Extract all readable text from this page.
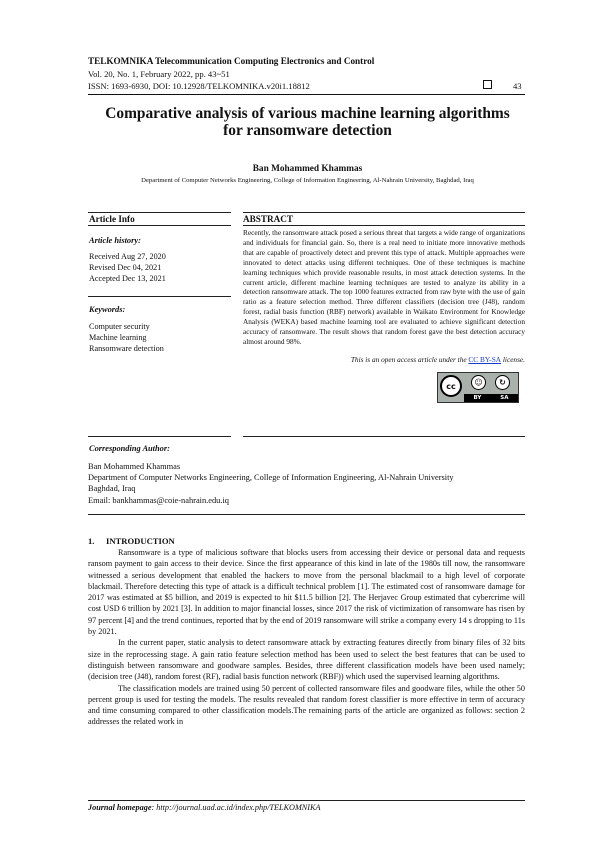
TELKOMNIKA Telecommunication Computing Electronics and Control
Vol. 20, No. 1, February 2022, pp. 43~51
ISSN: 1693-6930, DOI: 10.12928/TELKOMNIKA.v20i1.18812	43
Comparative analysis of various machine learning algorithms
for ransomware detection
Ban Mohammed Khammas
Department of Computer Networks Engineering, College of Information Engineering, Al-Nahrain University, Baghdad, Iraq
Article Info	ABSTRACT
Article history:
Received Aug 27, 2020
Revised Dec 04, 2021
Accepted Dec 13, 2021
Keywords:
Computer security
Machine learning
Ransomware detection
Recently, the ransomware attack posed a serious threat that targets a wide range of organizations and individuals for financial gain. So, there is a real need to initiate more innovative methods that are capable of proactively detect and prevent this type of attack. Multiple approaches were innovated to detect attacks using different techniques. One of these techniques is machine learning techniques which provide reasonable results, in most attack detection systems. In the current article, different machine learning techniques are tested to analyze its ability in a detection ransomware attack. The top 1000 features extracted from raw byte with the use of gain ratio as a feature selection method. Three different classifiers (decision tree (J48), random forest, radial basis function (RBF) network) available in Waikato Environment for Knowledge Analysis (WEKA) based machine learning tool are evaluated to achieve significant detection accuracy of ransomware. The result shows that random forest gave the best detection accuracy almost around 98%.
This is an open access article under the CC BY-SA license.
cc	☺	↻
BY	SA
Corresponding Author:
Ban Mohammed Khammas
Department of Computer Networks Engineering, College of Information Engineering, Al-Nahrain University
Baghdad, Iraq
Email: bankhammas@coie-nahrain.edu.iq
1. INTRODUCTION

Ransomware is a type of malicious software that blocks users from accessing their device or personal data and requests ransom payment to gain access to their device. Since the first appearance of this kind in late of the 1980s till now, the ransomware witnessed a serious development that enabled the hackers to move from the personal blackmail to a high level of corporate blackmail. Therefore detecting this type of attack is a difficult technical problem [1]. The estimated cost of ransomware damage for 2017 was estimated at $5 billion, and 2019 is expected to hit $11.5 billion [2]. The Herjavec Group estimated that cybercrime will cost USD 6 trillion by 2021 [3]. In addition to major financial losses, since 2017 the risk of victimization of ransomware has risen by 97 percent [4] and the trend continues, reported that by the end of 2019 ransomware will strike a company every 14 s dropping to 11s by 2021.

In the current paper, static analysis to detect ransomware attack by extracting features directly from binary files of 32 bits size in the reprocessing stage. A gain ratio feature selection method has been used to select the best features that can be used to distinguish between ransomware and goodware samples. Besides, three different classification models have been used namely; (decision tree (J48), random forest (RF), radial basis function network (RBF)) which used the supervised learning algorithms.

The classification models are trained using 50 percent of collected ransomware files and goodware files, while the other 50 percent group is used for testing the models. The results revealed that random forest classifier is more effective in term of accuracy and time consuming compared to other classification models.The remaining parts of the article are organized as follows: section 2 addresses the related work in

Journal homepage: http://journal.uad.ac.id/index.php/TELKOMNIKA
